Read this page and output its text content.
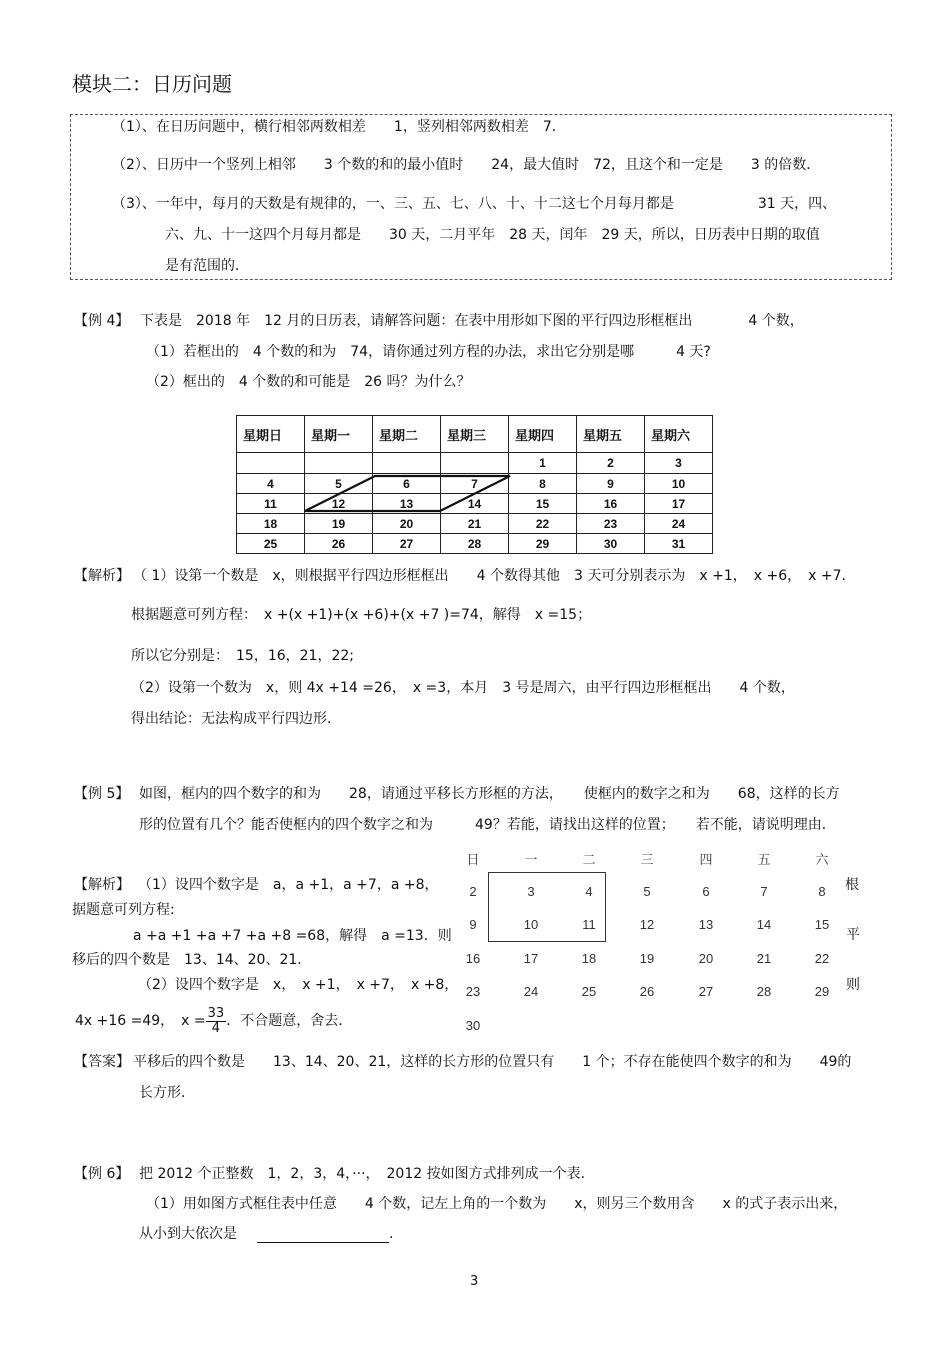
模块二：日历问题
（1）、在日历问题中，横行相邻两数相差　　1，竖列相邻两数相差　7．
（2）、日历中一个竖列上相邻　　3 个数的和的最小值时　　24，最大值时　72，且这个和一定是　　3 的倍数．
（3）、一年中，每月的天数是有规律的，一、三、五、七、八、十、十二这七个月每月都是　　　　　　31 天，四、
六、九、十一这四个月每月都是　　30 天，二月平年　28 天，闰年　29 天，所以，日历表中日期的取值
是有范围的．
【例 4】 下表是　2018 年　12 月的日历表，请解答问题：在表中用形如下图的平行四边形框框出　　　　4 个数，
（1）若框出的　4 个数的和为　74，请你通过列方程的办法，求出它分别是哪　　　4 天?
（2）框出的　4 个数的和可能是　26 吗？为什么？
星期日	星期一	星期二	星期三	星期四	星期五	星期六
				1	2	3
4	5	6	7	8	9	10
11	12	13	14	15	16	17
18	19	20	21	22	23	24
25	26	27	28	29	30	31
【解析】 （ 1）设第一个数是　x，则根据平行四边形框框出　　4 个数得其他　3 天可分别表示为　x +1，　x +6，　x +7．
根据题意可列方程：　x +(x +1)+(x +6)+(x +7 )=74，解得　x =15；
所以它分别是：　15，16，21，22;
（2）设第一个数为　x，则 4x +14 =26，　x =3，本月　3 号是周六，由平行四边形框框出　　4 个数，
得出结论：无法构成平行四边形．
【例 5】 如图，框内的四个数字的和为　　28，请通过平移长方形框的方法，　　使框内的数字之和为　　68，这样的长方
形的位置有几个？能否使框内的四个数字之和为　　　49？若能，请找出这样的位置；　　若不能，请说明理由．
日	一	二	三	四	五	六
2	3	4	5	6	7	8
9	10	11	12	13	14	15
16	17	18	19	20	21	22
23	24	25	26	27	28	29
30
【解析】 （1）设四个数字是　a，a +1，a +7，a +8，	根
据题意可列方程:
a +a +1 +a +7 +a +8 =68，解得　a =13．则	平
移后的四个数是　13、14、20、21.
（2）设四个数字是　x，　x +1，　x +7，　x +8，	则
4x +16 =49，　$x = \frac{33}{4}$ ．不合题意，舍去．
【答案】 平移后的四个数是　　13、14、20、21，这样的长方形的位置只有　　1 个；不存在能使四个数字的和为　　49的
长方形．
【例 6】 把 2012 个正整数　1，2，3，4，···，　2012 按如图方式排列成一个表.
（1）用如图方式框住表中任意　　4 个数，记左上角的一个数为　　x，则另三个数用含　　x 的式子表示出来，
从小到大依次是	．
3
